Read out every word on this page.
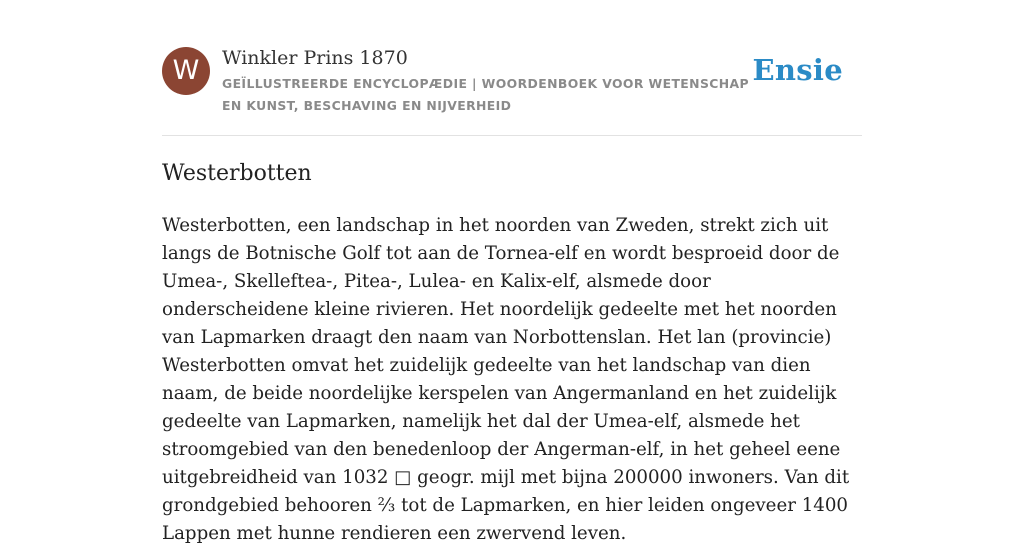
W	Winkler Prins 1870
GEÏLLUSTREERDE ENCYCLOPÆDIE | WOORDENBOEK VOOR WETENSCHAP EN KUNST, BESCHAVING EN NIJVERHEID
Ensie
Westerbotten

Westerbotten, een landschap in het noorden van Zweden, strekt zich uit langs de Botnische Golf tot aan de Tornea-elf en wordt besproeid door de Umea-, Skelleftea-, Pitea-, Lulea- en Kalix-elf, alsmede door onderscheidene kleine rivieren. Het noordelijk gedeelte met het noorden van Lapmarken draagt den naam van Norbottenslan. Het lan (provincie) Westerbotten omvat het zuidelijk gedeelte van het landschap van dien naam, de beide noordelijke kerspelen van Angermanland en het zuidelijk gedeelte van Lapmarken, namelijk het dal der Umea-elf, alsmede het stroomgebied van den benedenloop der Angerman-elf, in het geheel eene uitgebreidheid van 1032 □ geogr. mijl met bijna 200000 inwoners. Van dit grondgebied behooren ⅔ tot de Lapmarken, en hier leiden ongeveer 1400 Lappen met hunne rendieren een zwervend leven.
